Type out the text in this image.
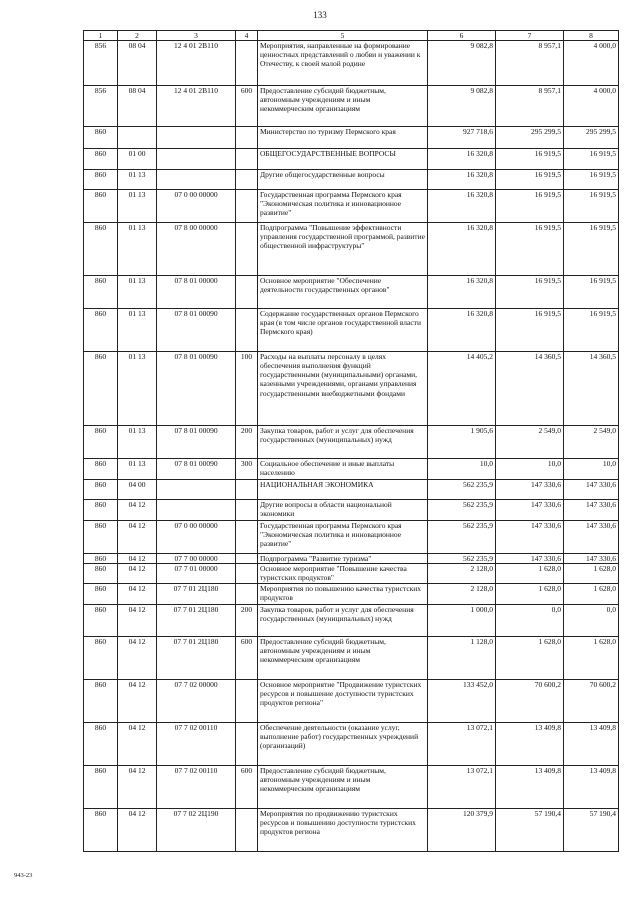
133
1	2	3	4	5	6	7	8
856	08 04	12 4 01 2В110		Мероприятия, направленные на формирование ценностных представлений о любви и уважении к Отечеству, к своей малой родине	9 082,8	8 957,1	4 000,0
856	08 04	12 4 01 2В110	600	Предоставление субсидий бюджетным, автономным учреждениям и иным некоммерческим организациям	9 082,8	8 957,1	4 000,0
860				Министерство по туризму Пермского края	927 718,6	295 299,5	295 299,5
860	01 00			ОБЩЕГОСУДАРСТВЕННЫЕ ВОПРОСЫ	16 320,8	16 919,5	16 919,5
860	01 13			Другие общегосударственные вопросы	16 320,8	16 919,5	16 919,5
860	01 13	07 0 00 00000		Государственная программа Пермского края "Экономическая политика и инновационное развитие"	16 320,8	16 919,5	16 919,5
860	01 13	07 8 00 00000		Подпрограмма "Повышение эффективности управления государственной программой, развитие общественной инфраструктуры"	16 320,8	16 919,5	16 919,5
860	01 13	07 8 01 00000		Основное мероприятие "Обеспечение деятельности государственных органов"	16 320,8	16 919,5	16 919,5
860	01 13	07 8 01 00090		Содержание государственных органов Пермского края (в том числе органов государственной власти Пермского края)	16 320,8	16 919,5	16 919,5
860	01 13	07 8 01 00090	100	Расходы на выплаты персоналу в целях обеспечения выполнения функций государственными (муниципальными) органами, казенными учреждениями, органами управления государственными внебюджетными фондами	14 405,2	14 360,5	14 360,5
860	01 13	07 8 01 00090	200	Закупка товаров, работ и услуг для обеспечения государственных (муниципальных) нужд	1 905,6	2 549,0	2 549,0
860	01 13	07 8 01 00090	300	Социальное обеспечение и иные выплаты населению	10,0	10,0	10,0
860	04 00			НАЦИОНАЛЬНАЯ ЭКОНОМИКА	562 235,9	147 330,6	147 330,6
860	04 12			Другие вопросы в области национальной экономики	562 235,9	147 330,6	147 330,6
860	04 12	07 0 00 00000		Государственная программа Пермского края "Экономическая политика и инновационное развитие"	562 235,9	147 330,6	147 330,6
860	04 12	07 7 00 00000		Подпрограмма "Развитие туризма"	562 235,9	147 330,6	147 330,6
860	04 12	07 7 01 00000		Основное мероприятие "Повышение качества туристских продуктов"	2 128,0	1 628,0	1 628,0
860	04 12	07 7 01 2Ц180		Мероприятия по повышению качества туристских продуктов	2 128,0	1 628,0	1 628,0
860	04 12	07 7 01 2Ц180	200	Закупка товаров, работ и услуг для обеспечения государственных (муниципальных) нужд	1 000,0	0,0	0,0
860	04 12	07 7 01 2Ц180	600	Предоставление субсидий бюджетным, автономным учреждениям и иным некоммерческим организациям	1 128,0	1 628,0	1 628,0
860	04 12	07 7 02 00000		Основное мероприятие "Продвижение туристских ресурсов и повышение доступности туристских продуктов региона"	133 452,0	70 600,2	70 600,2
860	04 12	07 7 02 00110		Обеспечение деятельности (оказание услуг, выполнение работ) государственных учреждений (организаций)	13 072,1	13 409,8	13 409,8
860	04 12	07 7 02 00110	600	Предоставление субсидий бюджетным, автономным учреждениям и иным некоммерческим организациям	13 072,1	13 409,8	13 409,8
860	04 12	07 7 02 2Ц190		Мероприятия по продвижению туристских ресурсов и повышению доступности туристских продуктов региона	120 379,9	57 190,4	57 190,4
943-23
